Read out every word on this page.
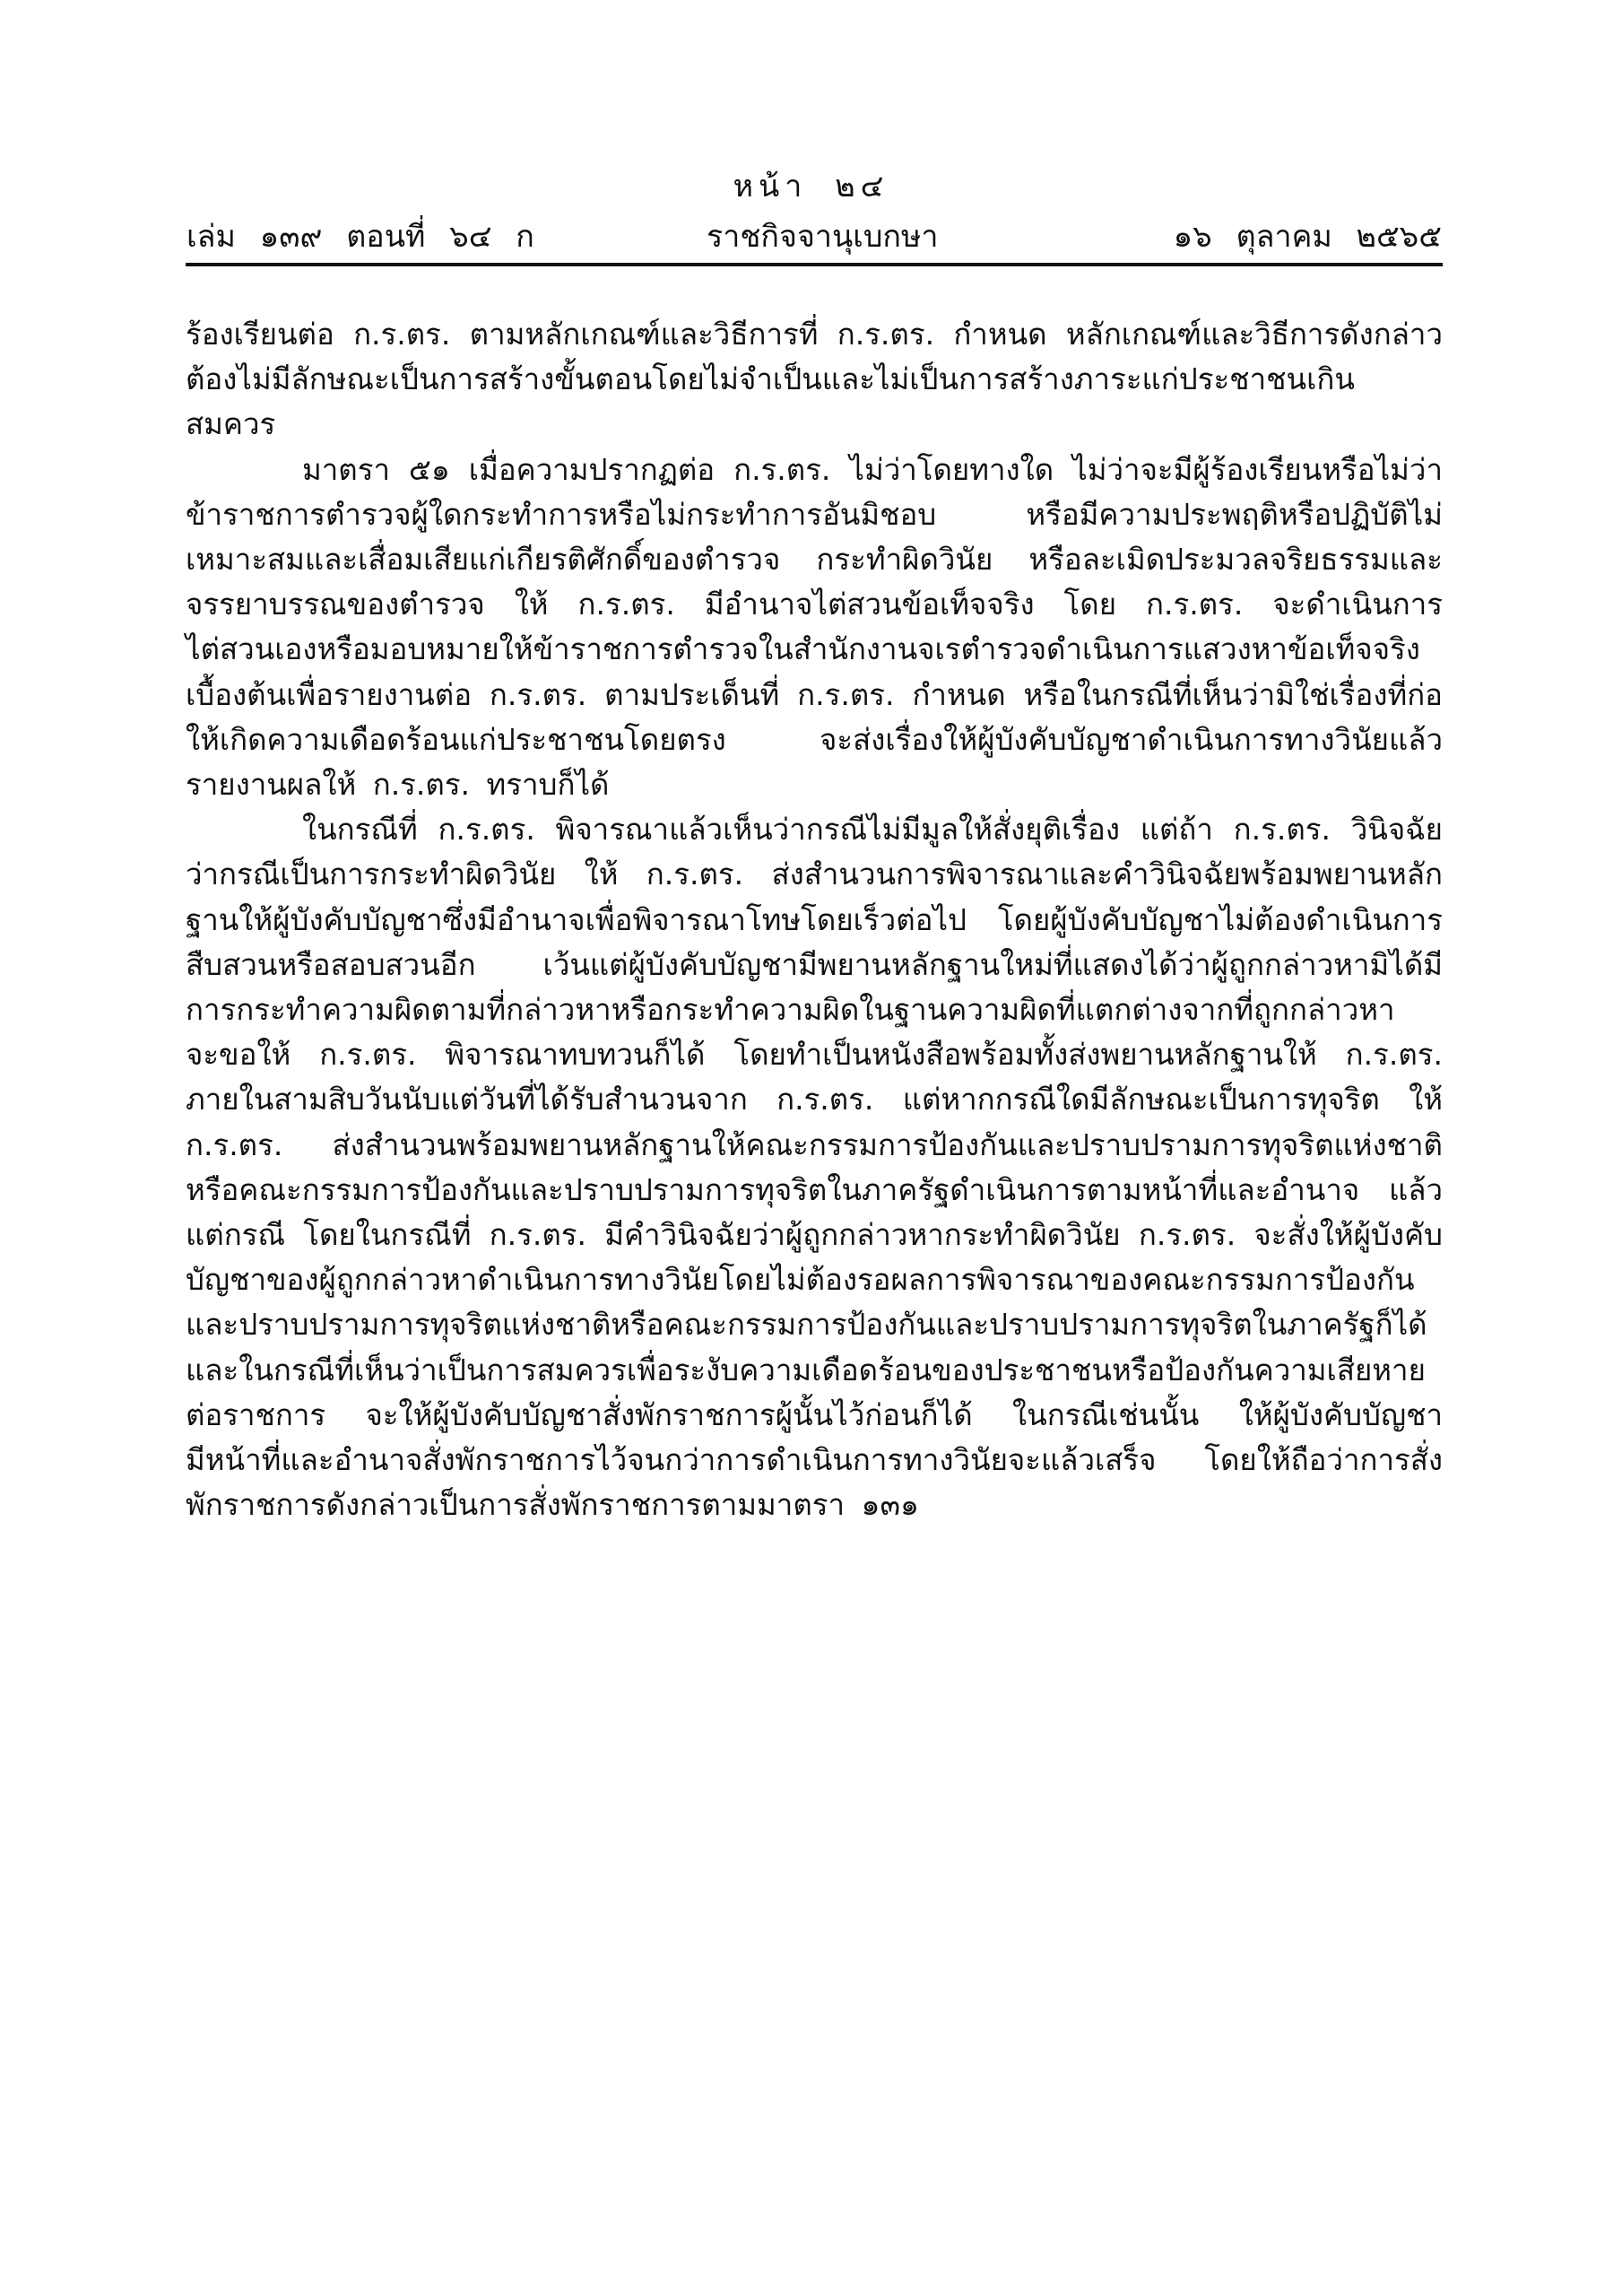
หน้า ๒๔
เล่ม ๑๓๙ ตอนที่ ๖๔ ก	ราชกิจจานุเบกษา	๑๖ ตุลาคม ๒๕๖๕

ร้องเรียนต่อ ก.ร.ตร. ตามหลักเกณฑ์และวิธีการที่ ก.ร.ตร. กำหนด หลักเกณฑ์และวิธีการดังกล่าวต้องไม่มีลักษณะเป็นการสร้างขั้นตอนโดยไม่จำเป็นและไม่เป็นการสร้างภาระแก่ประชาชนเกินสมควร

มาตรา ๕๑ เมื่อความปรากฏต่อ ก.ร.ตร. ไม่ว่าโดยทางใด ไม่ว่าจะมีผู้ร้องเรียนหรือไม่ว่าข้าราชการตำรวจผู้ใดกระทำการหรือไม่กระทำการอันมิชอบ หรือมีความประพฤติหรือปฏิบัติไม่เหมาะสมและเสื่อมเสียแก่เกียรติศักดิ์ของตำรวจ กระทำผิดวินัย หรือละเมิดประมวลจริยธรรมและจรรยาบรรณของตำรวจ ให้ ก.ร.ตร. มีอำนาจไต่สวนข้อเท็จจริง โดย ก.ร.ตร. จะดำเนินการไต่สวนเองหรือมอบหมายให้ข้าราชการตำรวจในสำนักงานจเรตำรวจดำเนินการแสวงหาข้อเท็จจริงเบื้องต้นเพื่อรายงานต่อ ก.ร.ตร. ตามประเด็นที่ ก.ร.ตร. กำหนด หรือในกรณีที่เห็นว่ามิใช่เรื่องที่ก่อให้เกิดความเดือดร้อนแก่ประชาชนโดยตรง จะส่งเรื่องให้ผู้บังคับบัญชาดำเนินการทางวินัยแล้วรายงานผลให้ ก.ร.ตร. ทราบก็ได้

ในกรณีที่ ก.ร.ตร. พิจารณาแล้วเห็นว่ากรณีไม่มีมูลให้สั่งยุติเรื่อง แต่ถ้า ก.ร.ตร. วินิจฉัยว่ากรณีเป็นการกระทำผิดวินัย ให้ ก.ร.ตร. ส่งสำนวนการพิจารณาและคำวินิจฉัยพร้อมพยานหลักฐานให้ผู้บังคับบัญชาซึ่งมีอำนาจเพื่อพิจารณาโทษโดยเร็วต่อไป โดยผู้บังคับบัญชาไม่ต้องดำเนินการสืบสวนหรือสอบสวนอีก เว้นแต่ผู้บังคับบัญชามีพยานหลักฐานใหม่ที่แสดงได้ว่าผู้ถูกกล่าวหามิได้มีการกระทำความผิดตามที่กล่าวหาหรือกระทำความผิดในฐานความผิดที่แตกต่างจากที่ถูกกล่าวหา จะขอให้ ก.ร.ตร. พิจารณาทบทวนก็ได้ โดยทำเป็นหนังสือพร้อมทั้งส่งพยานหลักฐานให้ ก.ร.ตร. ภายในสามสิบวันนับแต่วันที่ได้รับสำนวนจาก ก.ร.ตร. แต่หากกรณีใดมีลักษณะเป็นการทุจริต ให้ ก.ร.ตร. ส่งสำนวนพร้อมพยานหลักฐานให้คณะกรรมการป้องกันและปราบปรามการทุจริตแห่งชาติหรือคณะกรรมการป้องกันและปราบปรามการทุจริตในภาครัฐดำเนินการตามหน้าที่และอำนาจ แล้วแต่กรณี โดยในกรณีที่ ก.ร.ตร. มีคำวินิจฉัยว่าผู้ถูกกล่าวหากระทำผิดวินัย ก.ร.ตร. จะสั่งให้ผู้บังคับบัญชาของผู้ถูกกล่าวหาดำเนินการทางวินัยโดยไม่ต้องรอผลการพิจารณาของคณะกรรมการป้องกันและปราบปรามการทุจริตแห่งชาติหรือคณะกรรมการป้องกันและปราบปรามการทุจริตในภาครัฐก็ได้ และในกรณีที่เห็นว่าเป็นการสมควรเพื่อระงับความเดือดร้อนของประชาชนหรือป้องกันความเสียหายต่อราชการ จะให้ผู้บังคับบัญชาสั่งพักราชการผู้นั้นไว้ก่อนก็ได้ ในกรณีเช่นนั้น ให้ผู้บังคับบัญชามีหน้าที่และอำนาจสั่งพักราชการไว้จนกว่าการดำเนินการทางวินัยจะแล้วเสร็จ โดยให้ถือว่าการสั่งพักราชการดังกล่าวเป็นการสั่งพักราชการตามมาตรา ๑๓๑
